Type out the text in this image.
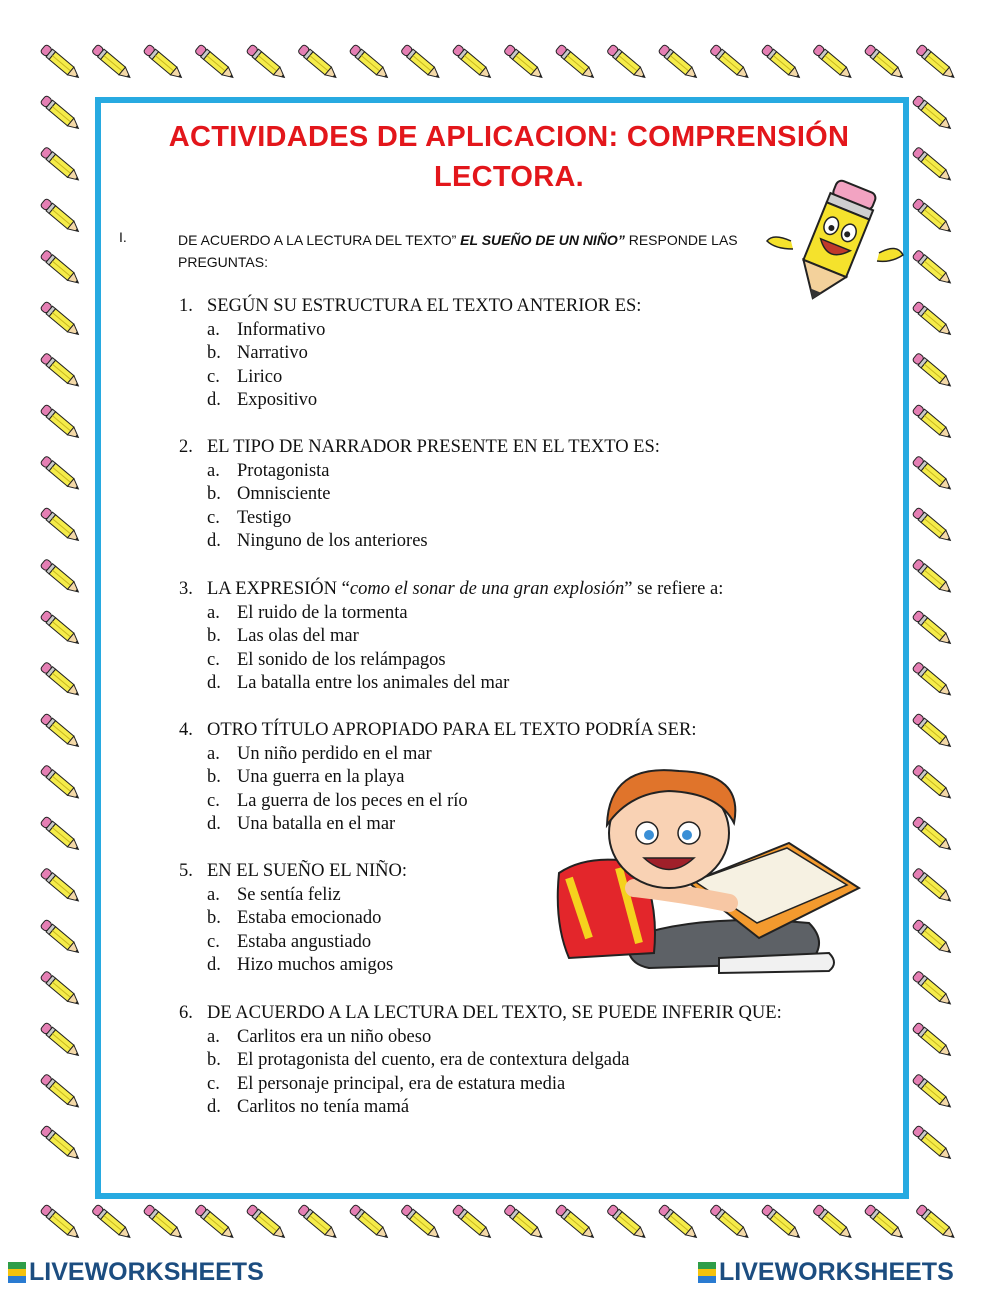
ACTIVIDADES DE APLICACION: COMPRENSIÓN
LECTORA.
I.	DE ACUERDO A LA LECTURA DEL TEXTO” EL SUEÑO DE UN NIÑO” RESPONDE LAS PREGUNTAS:
1. SEGÚN SU ESTRUCTURA EL TEXTO ANTERIOR ES:
a. Informativo
b. Narrativo
c. Lirico
d. Expositivo
2. EL TIPO DE NARRADOR PRESENTE EN EL TEXTO ES:
a. Protagonista
b. Omnisciente
c. Testigo
d. Ninguno de los anteriores
3. LA EXPRESIÓN “como el sonar de una gran explosión” se refiere a:
a. El ruido de la tormenta
b. Las olas del mar
c. El sonido de los relámpagos
d. La batalla entre los animales del mar
4. OTRO TÍTULO APROPIADO PARA EL TEXTO PODRÍA SER:
a. Un niño perdido en el mar
b. Una guerra en la playa
c. La guerra de los peces en el río
d. Una batalla en el mar
5. EN EL SUEÑO EL NIÑO:
a. Se sentía feliz
b. Estaba emocionado
c. Estaba angustiado
d. Hizo muchos amigos
6. DE ACUERDO A LA LECTURA DEL TEXTO, SE PUEDE INFERIR QUE:
a. Carlitos era un niño obeso
b. El protagonista del cuento, era de contextura delgada
c. El personaje principal, era de estatura media
d. Carlitos no tenía mamá
LIVEWORKSHEETS	LIVEWORKSHEETS
